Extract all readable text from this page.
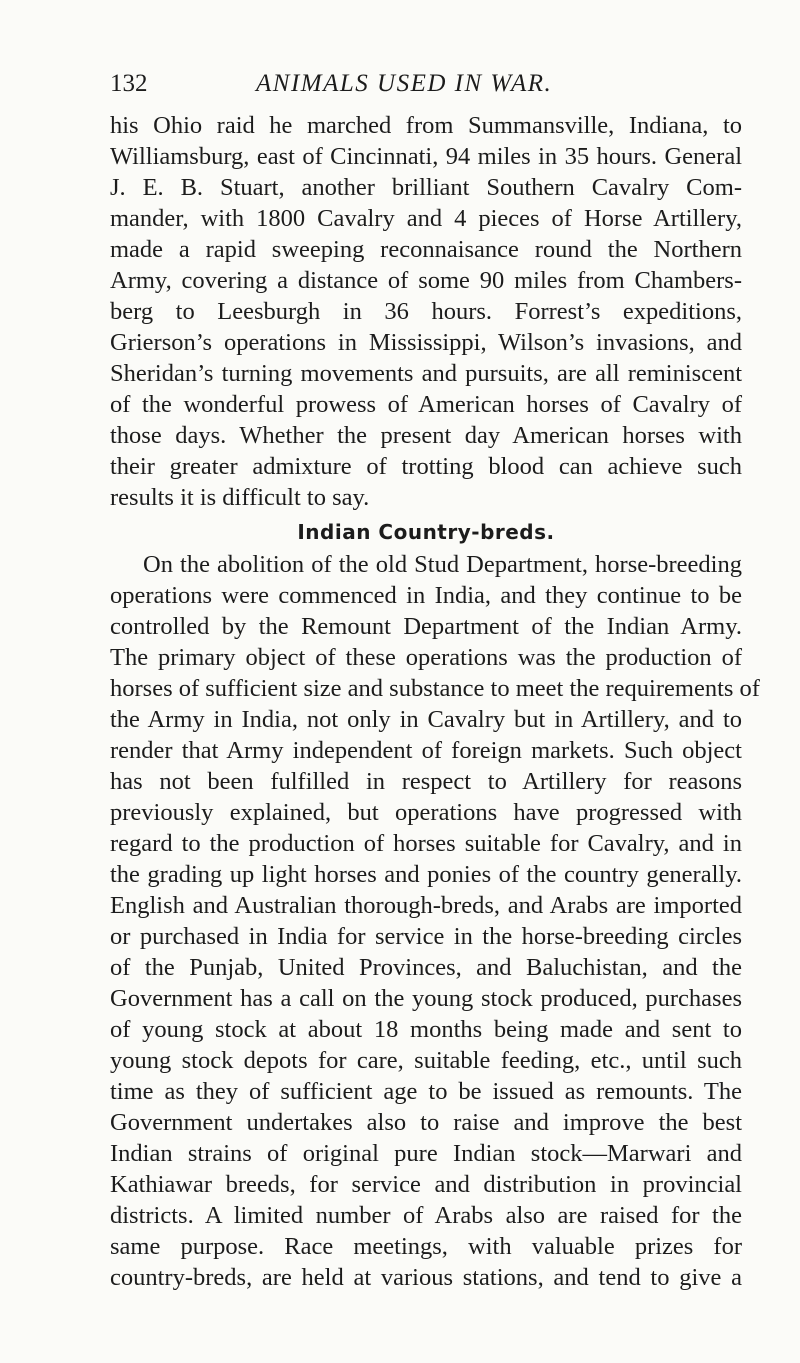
132	ANIMALS USED IN WAR.
his Ohio raid he marched from Summansville, Indiana, to
Williamsburg, east of Cincinnati, 94 miles in 35 hours. General
J. E. B. Stuart, another brilliant Southern Cavalry Com-
mander, with 1800 Cavalry and 4 pieces of Horse Artillery,
made a rapid sweeping reconnaisance round the Northern
Army, covering a distance of some 90 miles from Chambers-
berg to Leesburgh in 36 hours. Forrest’s expeditions,
Grierson’s operations in Mississippi, Wilson’s invasions, and
Sheridan’s turning movements and pursuits, are all reminiscent
of the wonderful prowess of American horses of Cavalry of
those days. Whether the present day American horses with
their greater admixture of trotting blood can achieve such
results it is difficult to say.
Indian Country-breds.
On the abolition of the old Stud Department, horse-breeding
operations were commenced in India, and they continue to be
controlled by the Remount Department of the Indian Army.
The primary object of these operations was the production of
horses of sufficient size and substance to meet the requirements of
the Army in India, not only in Cavalry but in Artillery, and to
render that Army independent of foreign markets. Such object
has not been fulfilled in respect to Artillery for reasons
previously explained, but operations have progressed with
regard to the production of horses suitable for Cavalry, and in
the grading up light horses and ponies of the country generally.
English and Australian thorough-breds, and Arabs are imported
or purchased in India for service in the horse-breeding circles
of the Punjab, United Provinces, and Baluchistan, and the
Government has a call on the young stock produced, purchases
of young stock at about 18 months being made and sent to
young stock depots for care, suitable feeding, etc., until such
time as they of sufficient age to be issued as remounts. The
Government undertakes also to raise and improve the best
Indian strains of original pure Indian stock—Marwari and
Kathiawar breeds, for service and distribution in provincial
districts. A limited number of Arabs also are raised for the
same purpose. Race meetings, with valuable prizes for
country-breds, are held at various stations, and tend to give a
